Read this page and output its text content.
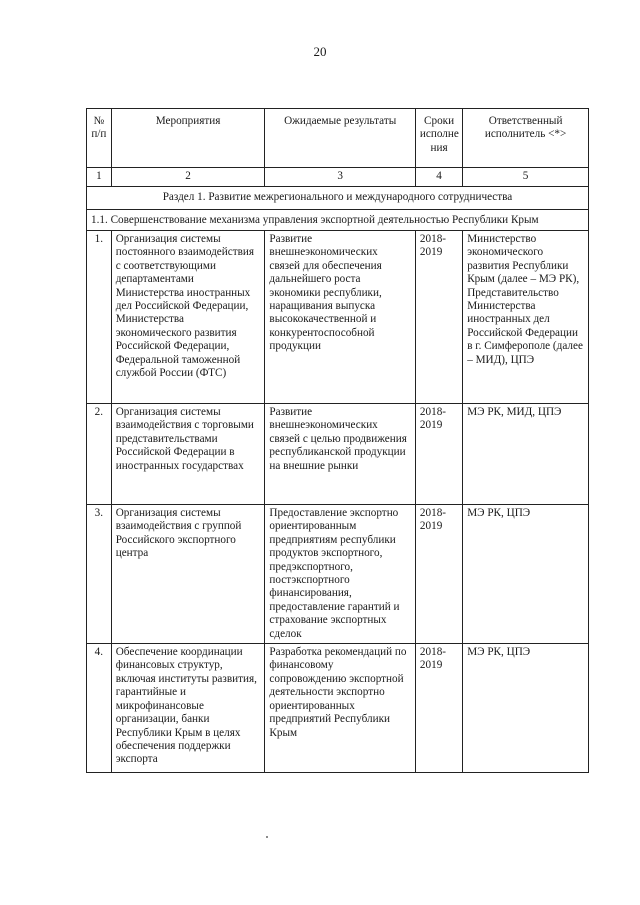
20
№ п/п	Мероприятия	Ожидаемые результаты	Сроки исполне ния	Ответственный исполнитель <*>
1	2	3	4	5
Раздел 1. Развитие межрегионального и международного сотрудничества				
1.1. Совершенствование механизма управления экспортной деятельностью Республики Крым				
1.	Организация системы постоянного взаимодействия с соответствующими департаментами Министерства иностранных дел Российской Федерации, Министерства экономического развития Российской Федерации, Федеральной таможенной службой России (ФТС)	Развитие внешнеэкономических связей для обеспечения дальнейшего роста экономики республики, наращивания выпуска высококачественной и конкурентоспособной продукции	2018-2019	Министерство экономического развития Республики Крым (далее – МЭ РК), Представительство Министерства иностранных дел Российской Федерации в г. Симферополе (далее – МИД), ЦПЭ
2.	Организация системы взаимодействия с торговыми представительствами Российской Федерации в иностранных государствах	Развитие внешнеэкономических связей с целью продвижения республиканской продукции на внешние рынки	2018-2019	МЭ РК, МИД, ЦПЭ
3.	Организация системы взаимодействия с группой Российского экспортного центра	Предоставление экспортно ориентированным предприятиям республики продуктов экспортного, предэкспортного, постэкспортного финансирования, предоставление гарантий и страхование экспортных сделок	2018-2019	МЭ РК, ЦПЭ
4.	Обеспечение координации финансовых структур, включая институты развития, гарантийные и микрофинансовые организации, банки Республики Крым в целях обеспечения поддержки экспорта	Разработка рекомендаций по финансовому сопровождению экспортной деятельности экспортно ориентированных предприятий Республики Крым	2018-2019	МЭ РК, ЦПЭ
